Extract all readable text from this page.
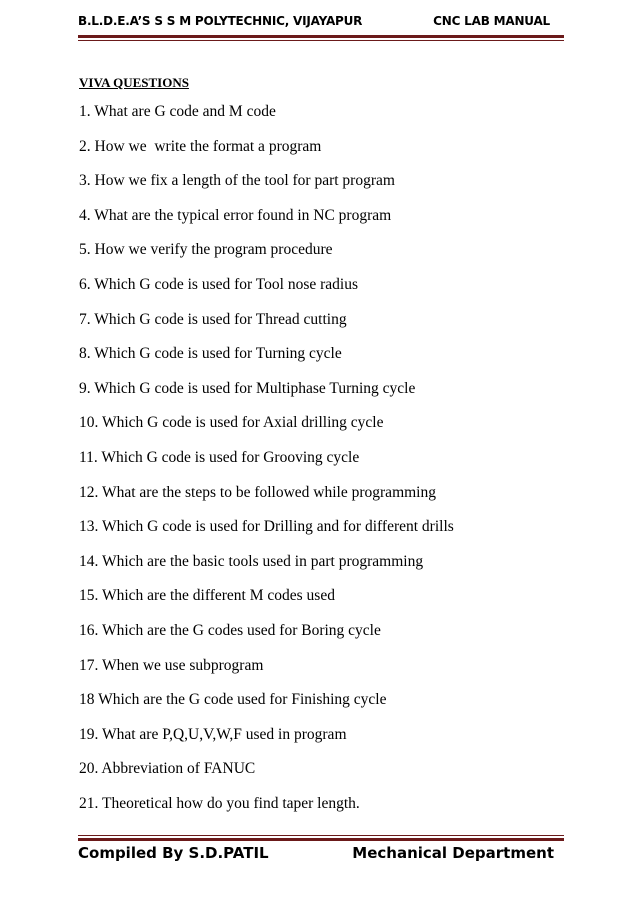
B.L.D.E.A’S S S M POLYTECHNIC, VIJAYAPUR	CNC LAB MANUAL
VIVA QUESTIONS
1. What are G code and M code
2. How we  write the format a program
3. How we fix a length of the tool for part program
4. What are the typical error found in NC program
5. How we verify the program procedure
6. Which G code is used for Tool nose radius
7. Which G code is used for Thread cutting
8. Which G code is used for Turning cycle
9. Which G code is used for Multiphase Turning cycle
10. Which G code is used for Axial drilling cycle
11. Which G code is used for Grooving cycle
12. What are the steps to be followed while programming
13. Which G code is used for Drilling and for different drills
14. Which are the basic tools used in part programming
15. Which are the different M codes used
16. Which are the G codes used for Boring cycle
17. When we use subprogram
18 Which are the G code used for Finishing cycle
19. What are P,Q,U,V,W,F used in program
20. Abbreviation of FANUC
21. Theoretical how do you find taper length.
Compiled By S.D.PATIL	Mechanical Department
